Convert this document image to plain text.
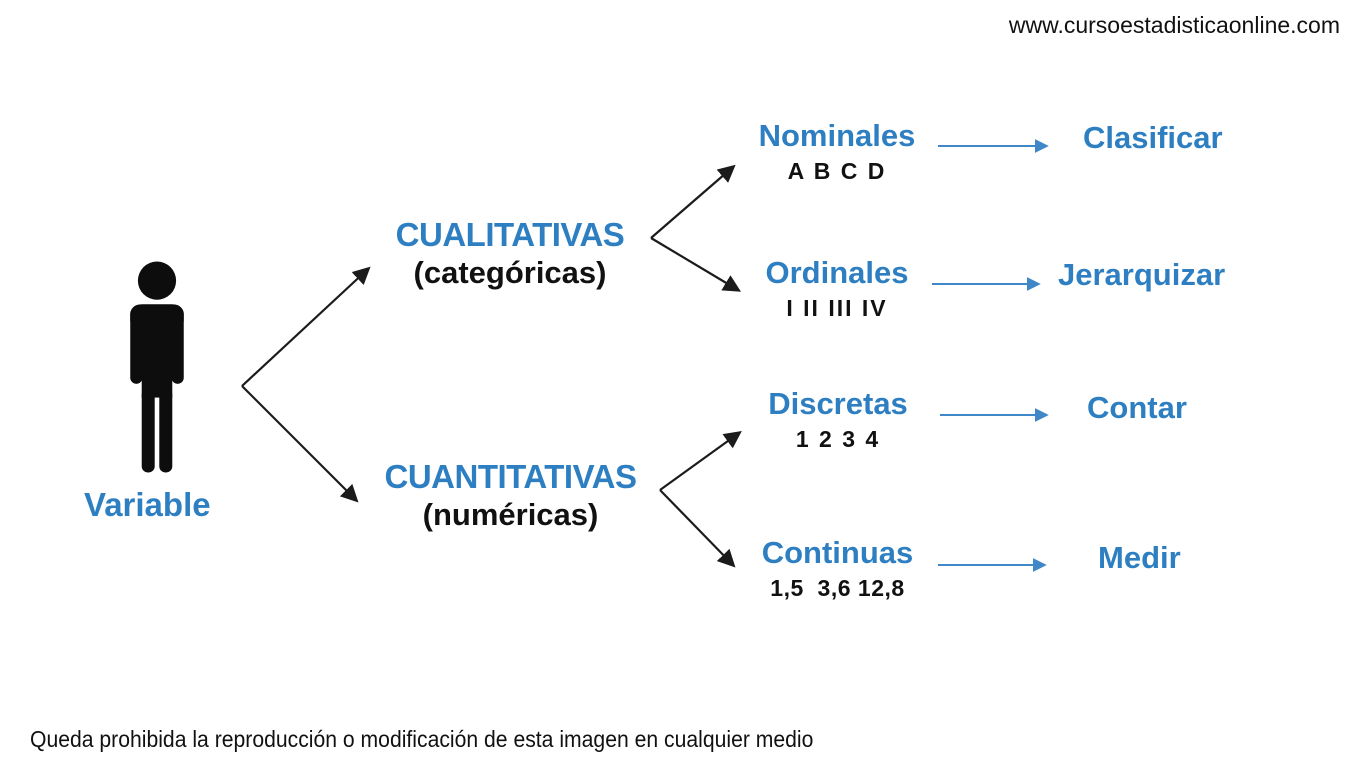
www.cursoestadisticaonline.com
Variable
CUALITATIVAS
(categóricas)
CUANTITATIVAS
(numéricas)
Nominales
A B C D
Ordinales
I II III IV
Discretas
1 2 3 4
Continuas
1,5  3,6 12,8
Clasificar
Jerarquizar
Contar
Medir
Queda prohibida la reproducción o modificación de esta imagen en cualquier medio
